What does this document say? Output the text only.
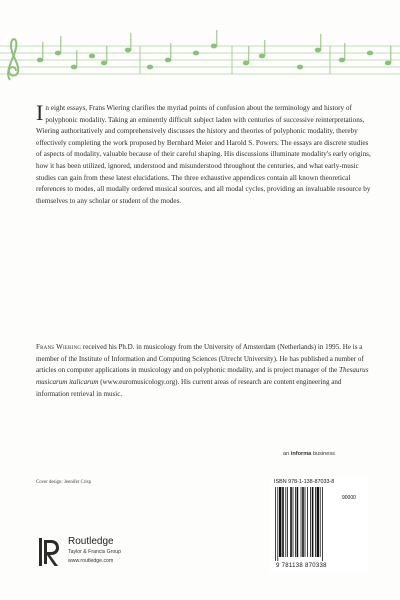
In eight essays, Frans Wiering clarifies the myriad points of confusion about the terminology and history of polyphonic modality. Taking an eminently difficult subject laden with centuries of successive reinterpretations, Wiering authoritatively and comprehensively discusses the history and theories of polyphonic modality, thereby effectively completing the work proposed by Bernhard Meier and Harold S. Powers. The essays are discrete studies of aspects of modality, valuable because of their careful shaping. His discussions illuminate modality's early origins, how it has been utilized, ignored, understood and misunderstood throughout the centuries, and what early-music studies can gain from these latest elucidations. The three exhaustive appendices contain all known theoretical references to modes, all modally ordered musical sources, and all modal cycles, providing an invaluable resource by themselves to any scholar or student of the modes.

Frans Wiering received his Ph.D. in musicology from the University of Amsterdam (Netherlands) in 1995. He is a member of the Institute of Information and Computing Sciences (Utrecht University). He has published a number of articles on computer applications in musicology and on polyphonic modality, and is project manager of the Thesaurus musicarum italicarum (www.euromusicology.org). His current areas of research are content engineering and information retrieval in music.

an informa business
Cover design: Jennifer Crisp
Routledge
Taylor & Francis Group
www.routledge.com
ISBN 978-1-138-87033-8
90000
9 781138 870338
